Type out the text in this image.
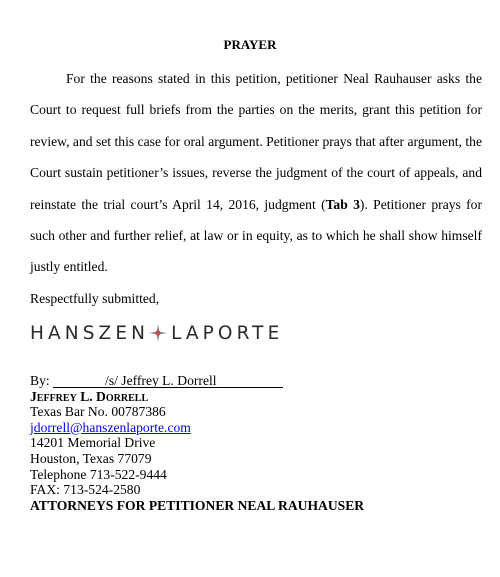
PRAYER

For the reasons stated in this petition, petitioner Neal Rauhauser asks the Court to request full briefs from the parties on the merits, grant this petition for review, and set this case for oral argument. Petitioner prays that after argument, the Court sustain petitioner’s issues, reverse the judgment of the court of appeals, and reinstate the trial court’s April 14, 2016, judgment (Tab 3). Petitioner prays for such other and further relief, at law or in equity, as to which he shall show himself justly entitled.

Respectfully submitted,
HANSZEN LAPORTE
By:	/s/ Jeffrey L. Dorrell
Jeffrey L. Dorrell
Texas Bar No. 00787386
jdorrell@hanszenlaporte.com
14201 Memorial Drive
Houston, Texas 77079
Telephone 713-522-9444
FAX: 713-524-2580
ATTORNEYS FOR PETITIONER NEAL RAUHAUSER
